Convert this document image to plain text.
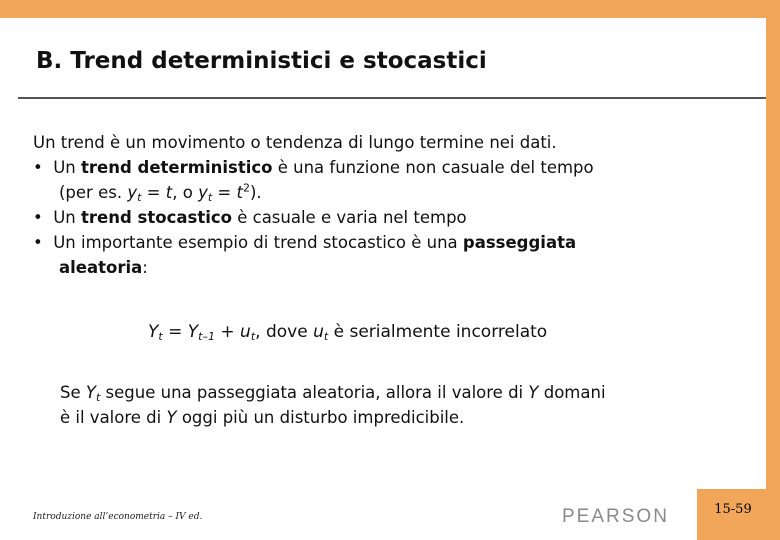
B. Trend deterministici e stocastici
Un trend è un movimento o tendenza di lungo termine nei dati.
• Un trend deterministico è una funzione non casuale del tempo
(per es. $y_t = t$, o $y_t = t^2$).
• Un trend stocastico è casuale e varia nel tempo
• Un importante esempio di trend stocastico è una passeggiata
aleatoria:
$Y_t = Y_{t-1} + u_t$, dove $u_t$ è serialmente incorrelato
Se $Y_t$ segue una passeggiata aleatoria, allora il valore di Y domani
è il valore di Y oggi più un disturbo impredicibile.
Introduzione all’econometria – IV ed.	PEARSON	15-59
